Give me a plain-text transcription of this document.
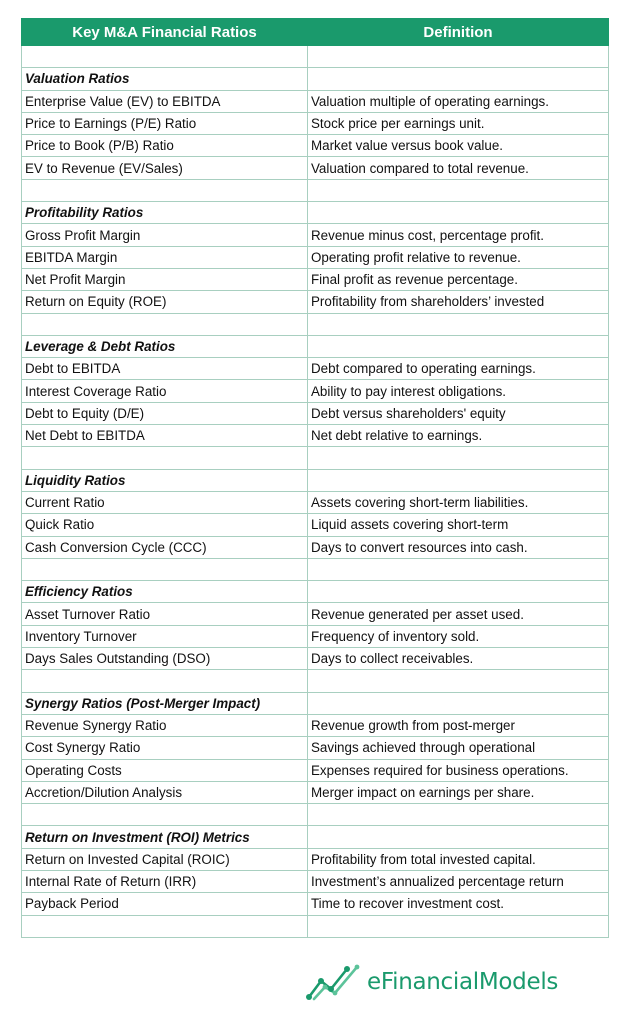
Key M&A Financial Ratios	Definition

Valuation Ratios	
Enterprise Value (EV) to EBITDA	Valuation multiple of operating earnings.
Price to Earnings (P/E) Ratio	Stock price per earnings unit.
Price to Book (P/B) Ratio	Market value versus book value.
EV to Revenue (EV/Sales)	Valuation compared to total revenue.

Profitability Ratios	
Gross Profit Margin	Revenue minus cost, percentage profit.
EBITDA Margin	Operating profit relative to revenue.
Net Profit Margin	Final profit as revenue percentage.
Return on Equity (ROE)	Profitability from shareholders’ invested

Leverage & Debt Ratios	
Debt to EBITDA	Debt compared to operating earnings.
Interest Coverage Ratio	Ability to pay interest obligations.
Debt to Equity (D/E)	Debt versus shareholders' equity
Net Debt to EBITDA	Net debt relative to earnings.

Liquidity Ratios	
Current Ratio	Assets covering short-term liabilities.
Quick Ratio	Liquid assets covering short-term
Cash Conversion Cycle (CCC)	Days to convert resources into cash.

Efficiency Ratios	
Asset Turnover Ratio	Revenue generated per asset used.
Inventory Turnover	Frequency of inventory sold.
Days Sales Outstanding (DSO)	Days to collect receivables.

Synergy Ratios (Post-Merger Impact)	
Revenue Synergy Ratio	Revenue growth from post-merger
Cost Synergy Ratio	Savings achieved through operational
Operating Costs	Expenses required for business operations.
Accretion/Dilution Analysis	Merger impact on earnings per share.

Return on Investment (ROI) Metrics	
Return on Invested Capital (ROIC)	Profitability from total invested capital.
Internal Rate of Return (IRR)	Investment’s annualized percentage return
Payback Period	Time to recover investment cost.

eFinancialModels
